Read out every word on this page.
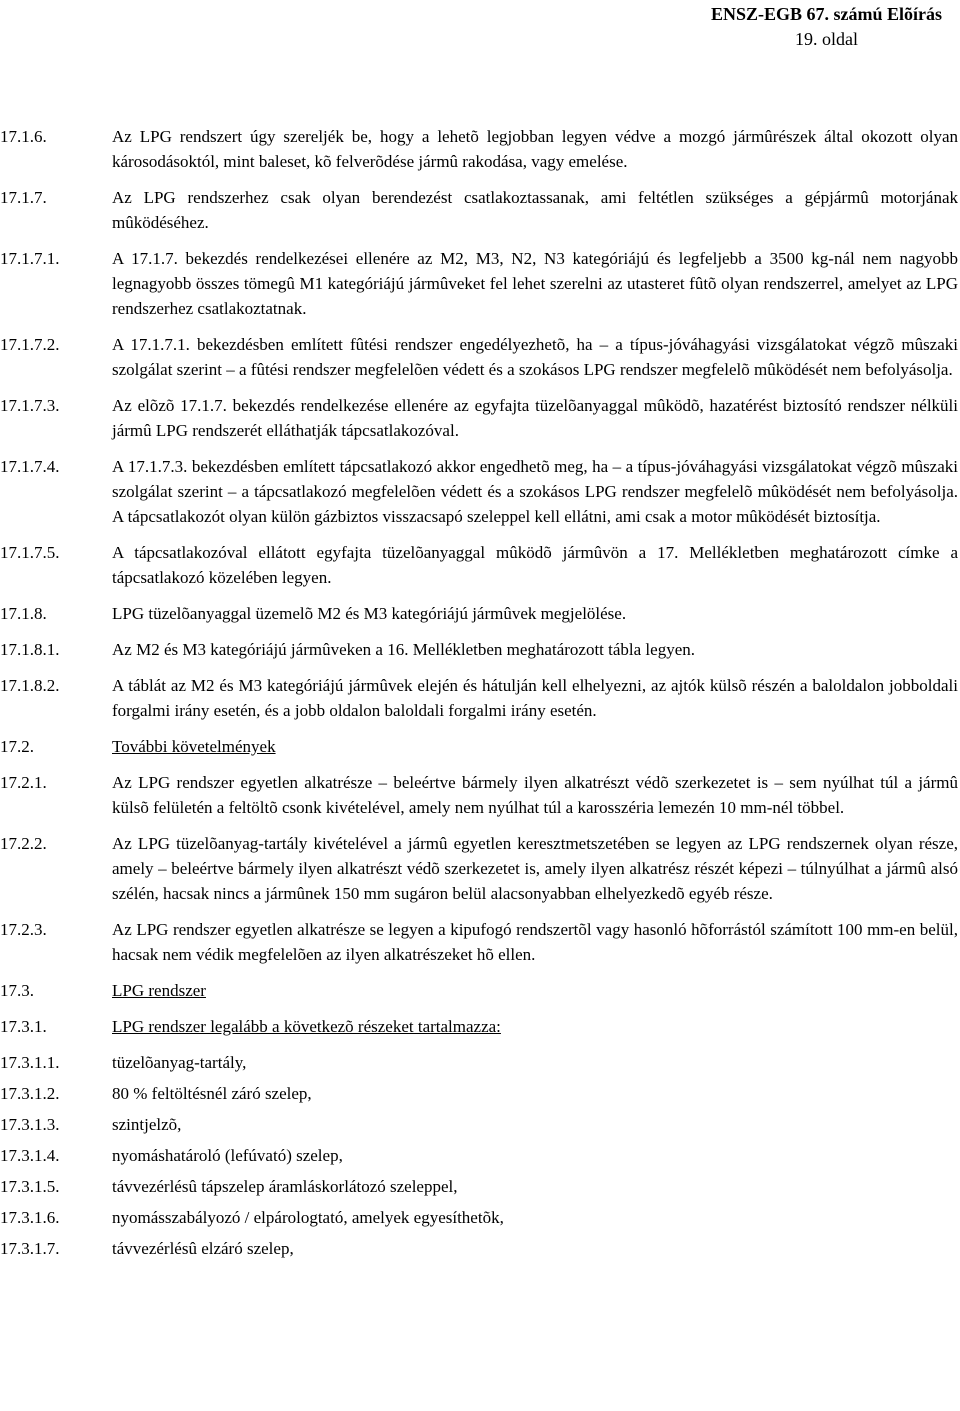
ENSZ-EGB 67. számú Elõírás
19. oldal
17.1.6.	Az LPG rendszert úgy szereljék be, hogy a lehetõ legjobban legyen védve a mozgó jármûrészek által okozott olyan károsodásoktól, mint baleset, kõ felverõdése jármû rakodása, vagy emelése.
17.1.7.	Az LPG rendszerhez csak olyan berendezést csatlakoztassanak, ami feltétlen szükséges a gépjármû motorjának mûködéséhez.
17.1.7.1.	A 17.1.7. bekezdés rendelkezései ellenére az M2, M3, N2, N3 kategóriájú és legfeljebb a 3500 kg-nál nem nagyobb legnagyobb összes tömegû M1 kategóriájú jármûveket fel lehet szerelni az utasteret fûtõ olyan rendszerrel, amelyet az LPG rendszerhez csatlakoztatnak.
17.1.7.2.	A 17.1.7.1. bekezdésben említett fûtési rendszer engedélyezhetõ, ha – a típus-jóváhagyási vizsgálatokat végzõ mûszaki szolgálat szerint – a fûtési rendszer megfelelõen védett és a szokásos LPG rendszer megfelelõ mûködését nem befolyásolja.
17.1.7.3.	Az elõzõ 17.1.7. bekezdés rendelkezése ellenére az egyfajta tüzelõanyaggal mûködõ, hazatérést biztosító rendszer nélküli jármû LPG rendszerét elláthatják tápcsatlakozóval.
17.1.7.4.	A 17.1.7.3. bekezdésben említett tápcsatlakozó akkor engedhetõ meg, ha – a típus-jóváhagyási vizsgálatokat végzõ mûszaki szolgálat szerint – a tápcsatlakozó megfelelõen védett és a szokásos LPG rendszer megfelelõ mûködését nem befolyásolja. A tápcsatlakozót olyan külön gázbiztos visszacsapó szeleppel kell ellátni, ami csak a motor mûködését biztosítja.
17.1.7.5.	A tápcsatlakozóval ellátott egyfajta tüzelõanyaggal mûködõ jármûvön a 17. Mellékletben meghatározott címke a tápcsatlakozó közelében legyen.
17.1.8.	LPG tüzelõanyaggal üzemelõ M2 és M3 kategóriájú jármûvek megjelölése.
17.1.8.1.	Az M2 és M3 kategóriájú jármûveken a 16. Mellékletben meghatározott tábla legyen.
17.1.8.2.	A táblát az M2 és M3 kategóriájú jármûvek elején és hátulján kell elhelyezni, az ajtók külsõ részén a baloldalon jobboldali forgalmi irány esetén, és a jobb oldalon baloldali forgalmi irány esetén.
17.2.	További követelmények
17.2.1.	Az LPG rendszer egyetlen alkatrésze – beleértve bármely ilyen alkatrészt védõ szerkezetet is – sem nyúlhat túl a jármû külsõ felületén a feltöltõ csonk kivételével, amely nem nyúlhat túl a karosszéria lemezén 10 mm-nél többel.
17.2.2.	Az LPG tüzelõanyag-tartály kivételével a jármû egyetlen keresztmetszetében se legyen az LPG rendszernek olyan része, amely – beleértve bármely ilyen alkatrészt védõ szerkezetet is, amely ilyen alkatrész részét képezi – túlnyúlhat a jármû alsó szélén, hacsak nincs a jármûnek 150 mm sugáron belül alacsonyabban elhelyezkedõ egyéb része.
17.2.3.	Az LPG rendszer egyetlen alkatrésze se legyen a kipufogó rendszertõl vagy hasonló hõforrástól számított 100 mm-en belül, hacsak nem védik megfelelõen az ilyen alkatrészeket hõ ellen.
17.3.	LPG rendszer
17.3.1.	LPG rendszer legalább a következõ részeket tartalmazza:
17.3.1.1.	tüzelõanyag-tartály,
17.3.1.2.	80 % feltöltésnél záró szelep,
17.3.1.3.	szintjelzõ,
17.3.1.4.	nyomáshatároló (lefúvató) szelep,
17.3.1.5.	távvezérlésû tápszelep áramláskorlátozó szeleppel,
17.3.1.6.	nyomásszabályozó / elpárologtató, amelyek egyesíthetõk,
17.3.1.7.	távvezérlésû elzáró szelep,
